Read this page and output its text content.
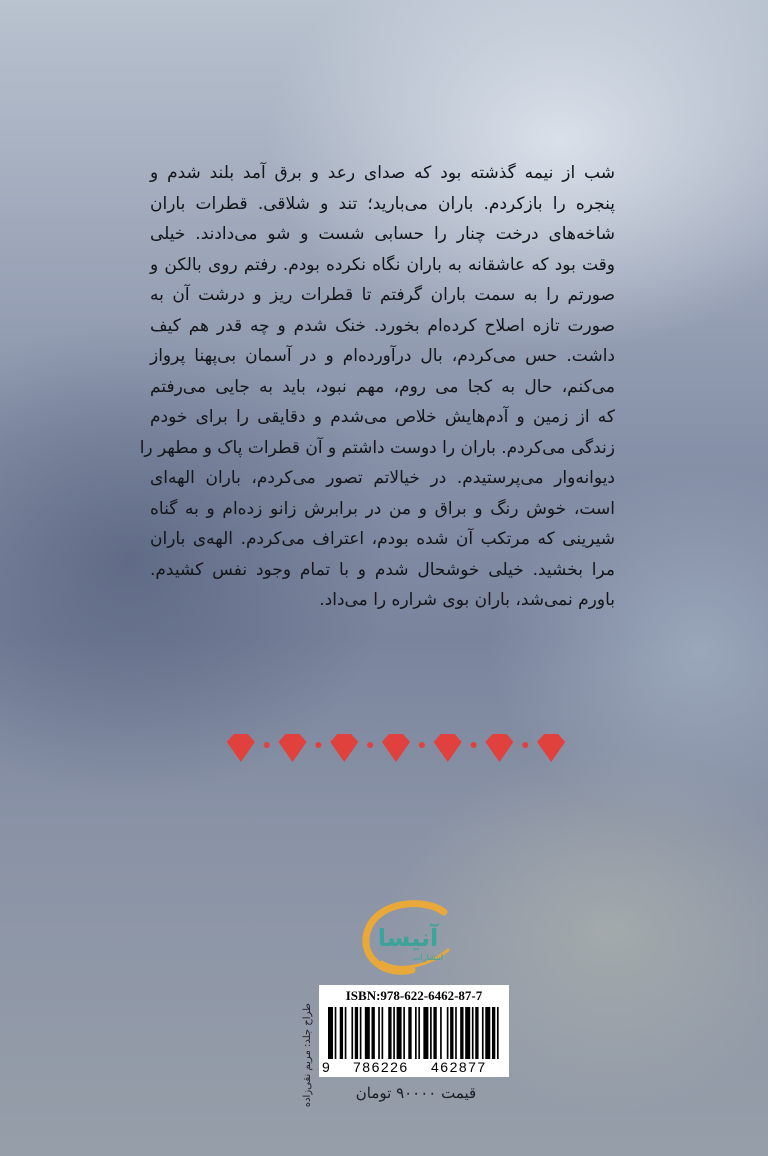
شب از نیمه گذشته بود که صدای رعد و برق آمد بلند شدم و
پنجره را بازکردم. باران می‌بارید؛ تند و شلاقی. قطرات باران
شاخه‌های درخت چنار را حسابی شست و شو می‌دادند. خیلی
وقت بود که عاشقانه به باران نگاه نکرده بودم. رفتم روی بالکن و
صورتم را به سمت باران گرفتم تا قطرات ریز و درشت آن به
صورت تازه اصلاح کرده‌ام بخورد. خنک شدم و چه قدر هم کیف
داشت. حس می‌کردم، بال درآورده‌ام و در آسمان بی‌پهنا پرواز
می‌کنم، حال به کجا می روم، مهم نبود، باید به جایی می‌رفتم
که از زمین و آدم‌هایش خلاص می‌شدم و دقایقی را برای خودم
زندگی می‌کردم. باران را دوست داشتم و آن قطرات پاک و مطهر را
دیوانه‌وار می‌پرستیدم. در خیالاتم تصور می‌کردم، باران الهه‌ای
است، خوش رنگ و براق و من در برابرش زانو زده‌ام و به گناه
شیرینی که مرتکب آن شده بودم، اعتراف می‌کردم. الهه‌ی باران
مرا بخشید. خیلی خوشحال شدم و با تمام وجود نفس کشیدم.
باورم نمی‌شد، باران بوی شراره را می‌داد.
آنیسا
انتشارات
طراح جلد: مریم نقی‌زاده
ISBN:978-622-6462-87-7
9 786226 462877
قیمت ۹۰۰۰۰ تومان
